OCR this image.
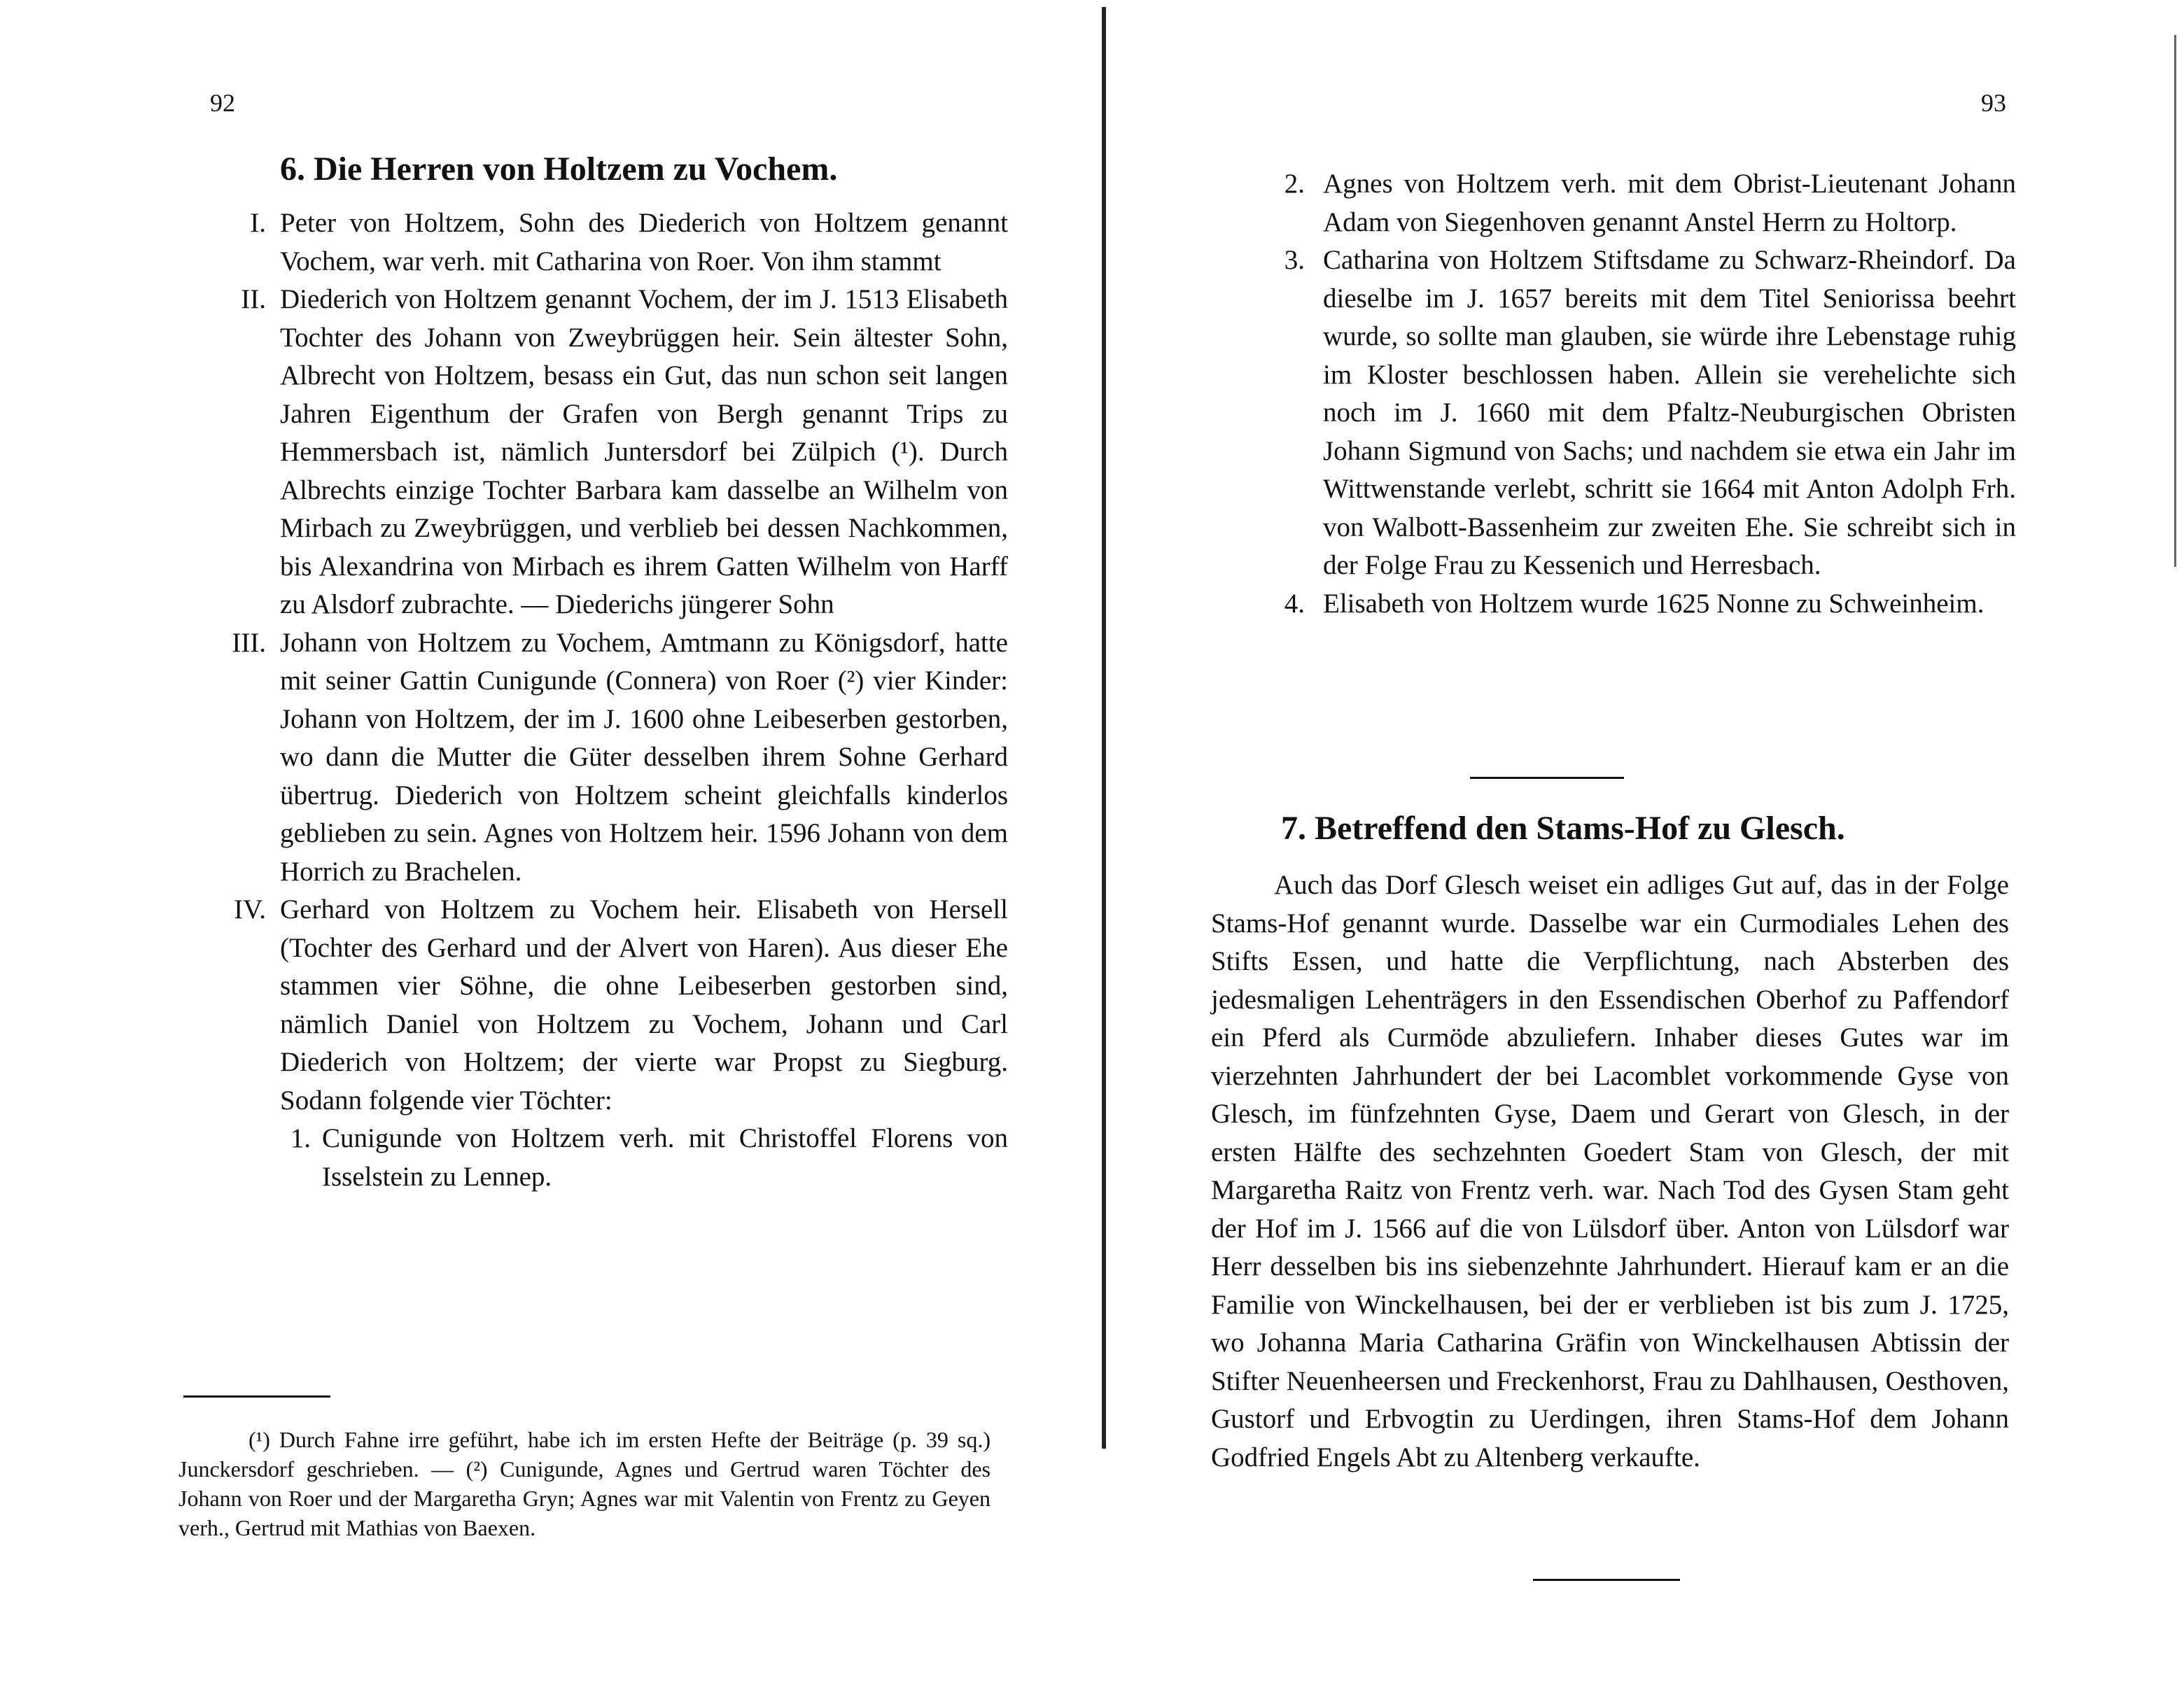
92
6. Die Herren von Holtzem zu Vochem.
I. Peter von Holtzem, Sohn des Diederich von Holtzem genannt Vochem, war verh. mit Catharina von Roer. Von ihm stammt
II. Diederich von Holtzem genannt Vochem, der im J. 1513 Elisabeth Tochter des Johann von Zweybrüggen heir. Sein ältester Sohn, Albrecht von Holtzem, besass ein Gut, das nun schon seit langen Jahren Eigenthum der Grafen von Bergh genannt Trips zu Hemmersbach ist, nämlich Juntersdorf bei Zülpich (¹). Durch Albrechts einzige Tochter Barbara kam dasselbe an Wilhelm von Mirbach zu Zweybrüggen, und verblieb bei dessen Nachkommen, bis Alexandrina von Mirbach es ihrem Gatten Wilhelm von Harff zu Alsdorf zubrachte. — Diederichs jüngerer Sohn
III. Johann von Holtzem zu Vochem, Amtmann zu Königsdorf, hatte mit seiner Gattin Cunigunde (Connera) von Roer (²) vier Kinder: Johann von Holtzem, der im J. 1600 ohne Leibeserben gestorben, wo dann die Mutter die Güter desselben ihrem Sohne Gerhard übertrug. Diederich von Holtzem scheint gleichfalls kinderlos geblieben zu sein. Agnes von Holtzem heir. 1596 Johann von dem Horrich zu Brachelen.
IV. Gerhard von Holtzem zu Vochem heir. Elisabeth von Hersell (Tochter des Gerhard und der Alvert von Haren). Aus dieser Ehe stammen vier Söhne, die ohne Leibeserben gestorben sind, nämlich Daniel von Holtzem zu Vochem, Johann und Carl Diederich von Holtzem; der vierte war Propst zu Siegburg. Sodann folgende vier Töchter:
1. Cunigunde von Holtzem verh. mit Christoffel Florens von Isselstein zu Lennep.
(¹) Durch Fahne irre geführt, habe ich im ersten Hefte der Beiträge (p. 39 sq.) Junckersdorf geschrieben. — (²) Cunigunde, Agnes und Gertrud waren Töchter des Johann von Roer und der Margaretha Gryn; Agnes war mit Valentin von Frentz zu Geyen verh., Gertrud mit Mathias von Baexen.
93
2. Agnes von Holtzem verh. mit dem Obrist-Lieutenant Johann Adam von Siegenhoven genannt Anstel Herrn zu Holtorp.
3. Catharina von Holtzem Stiftsdame zu Schwarz-Rheindorf. Da dieselbe im J. 1657 bereits mit dem Titel Seniorissa beehrt wurde, so sollte man glauben, sie würde ihre Lebenstage ruhig im Kloster beschlossen haben. Allein sie verehelichte sich noch im J. 1660 mit dem Pfaltz-Neuburgischen Obristen Johann Sigmund von Sachs; und nachdem sie etwa ein Jahr im Wittwenstande verlebt, schritt sie 1664 mit Anton Adolph Frh. von Walbott-Bassenheim zur zweiten Ehe. Sie schreibt sich in der Folge Frau zu Kessenich und Herresbach.
4. Elisabeth von Holtzem wurde 1625 Nonne zu Schweinheim.
7. Betreffend den Stams-Hof zu Glesch.

Auch das Dorf Glesch weiset ein adliges Gut auf, das in der Folge Stams-Hof genannt wurde. Dasselbe war ein Curmodiales Lehen des Stifts Essen, und hatte die Verpflichtung, nach Absterben des jedesmaligen Lehenträgers in den Essendischen Oberhof zu Paffendorf ein Pferd als Curmöde abzuliefern. Inhaber dieses Gutes war im vierzehnten Jahrhundert der bei Lacomblet vorkommende Gyse von Glesch, im fünfzehnten Gyse, Daem und Gerart von Glesch, in der ersten Hälfte des sechzehnten Goedert Stam von Glesch, der mit Margaretha Raitz von Frentz verh. war. Nach Tod des Gysen Stam geht der Hof im J. 1566 auf die von Lülsdorf über. Anton von Lülsdorf war Herr desselben bis ins siebenzehnte Jahrhundert. Hierauf kam er an die Familie von Winckelhausen, bei der er verblieben ist bis zum J. 1725, wo Johanna Maria Catharina Gräfin von Winckelhausen Abtissin der Stifter Neuenheersen und Freckenhorst, Frau zu Dahlhausen, Oesthoven, Gustorf und Erbvogtin zu Uerdingen, ihren Stams-Hof dem Johann Godfried Engels Abt zu Altenberg verkaufte.
